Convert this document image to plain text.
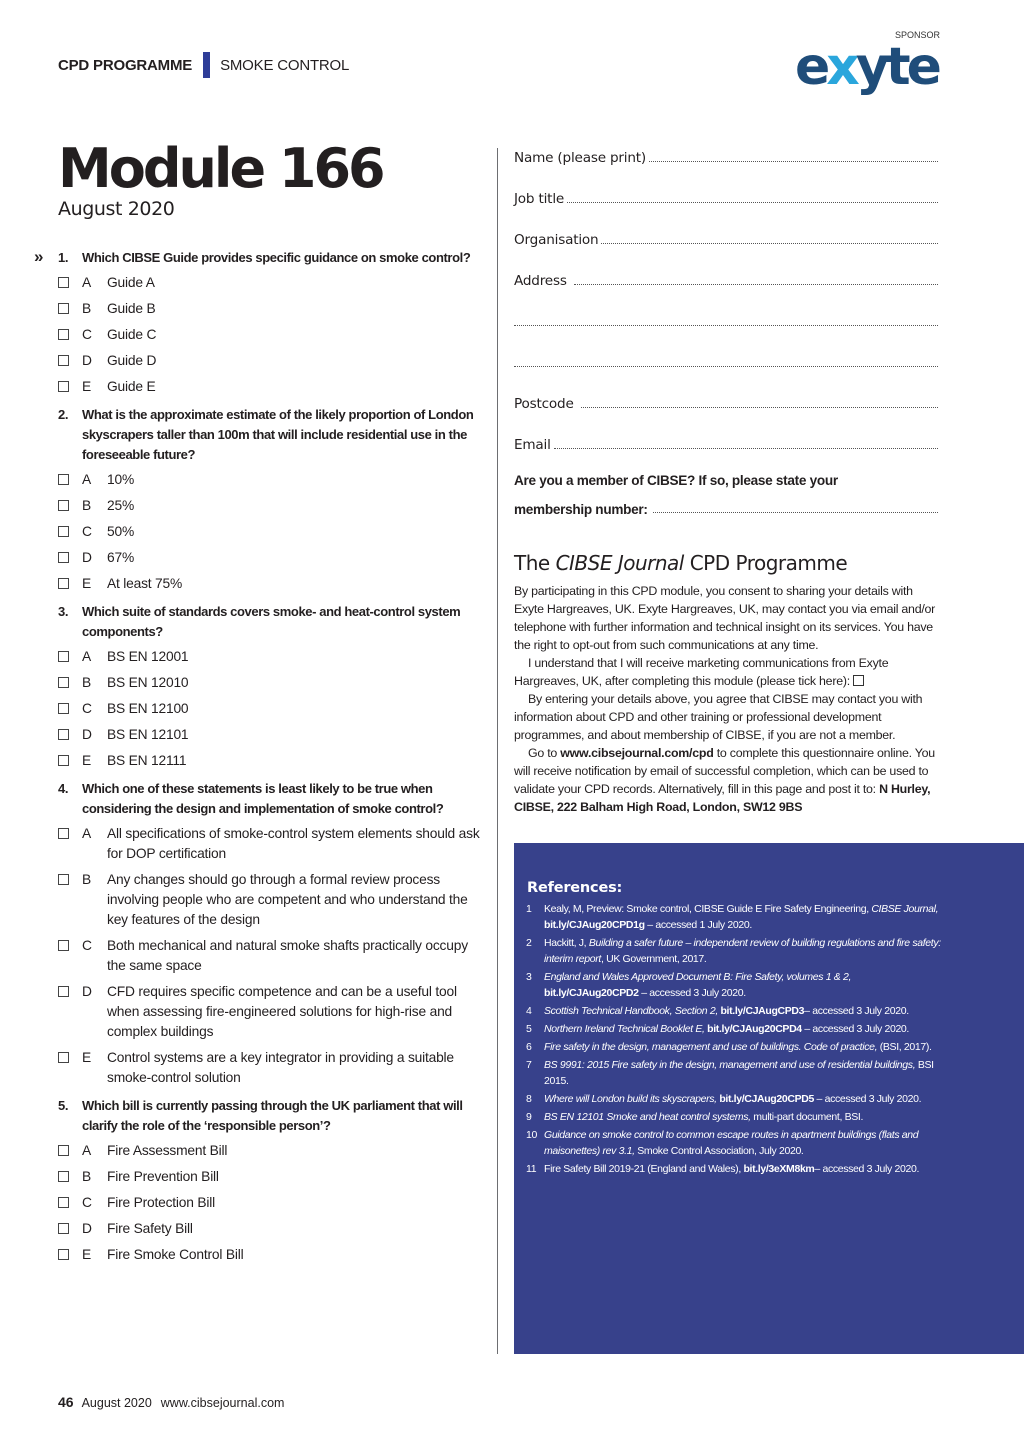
CPD PROGRAMME SMOKE CONTROL
SPONSOR
exyte
Module 166
August 2020
» 1. Which CIBSE Guide provides specific guidance on smoke control?
A Guide A
B Guide B
C Guide C
D Guide D
E Guide E
2. What is the approximate estimate of the likely proportion of London skyscrapers taller than 100m that will include residential use in the foreseeable future?
A 10%
B 25%
C 50%
D 67%
E At least 75%
3. Which suite of standards covers smoke- and heat-control system components?
A BS EN 12001
B BS EN 12010
C BS EN 12100
D BS EN 12101
E BS EN 12111
4. Which one of these statements is least likely to be true when considering the design and implementation of smoke control?
A All specifications of smoke-control system elements should ask for DOP certification
B Any changes should go through a formal review process involving people who are competent and who understand the key features of the design
C Both mechanical and natural smoke shafts practically occupy the same space
D CFD requires specific competence and can be a useful tool when assessing fire-engineered solutions for high-rise and complex buildings
E Control systems are a key integrator in providing a suitable smoke-control solution
5. Which bill is currently passing through the UK parliament that will clarify the role of the ‘responsible person’?
A Fire Assessment Bill
B Fire Prevention Bill
C Fire Protection Bill
D Fire Safety Bill
E Fire Smoke Control Bill
Name (please print)
Job title
Organisation
Address
Postcode
Email
Are you a member of CIBSE? If so, please state your
membership number:
The CIBSE Journal CPD Programme

By participating in this CPD module, you consent to sharing your details with Exyte Hargreaves, UK. Exyte Hargreaves, UK, may contact you via email and/or telephone with further information and technical insight on its services. You have the right to opt-out from such communications at any time.

I understand that I will receive marketing communications from Exyte Hargreaves, UK, after completing this module (please tick here):

By entering your details above, you agree that CIBSE may contact you with information about CPD and other training or professional development programmes, and about membership of CIBSE, if you are not a member.

Go to www.cibsejournal.com/cpd to complete this questionnaire online. You will receive notification by email of successful completion, which can be used to validate your CPD records. Alternatively, fill in this page and post it to: N Hurley, CIBSE, 222 Balham High Road, London, SW12 9BS

References:
1 Kealy, M, Preview: Smoke control, CIBSE Guide E Fire Safety Engineering, CIBSE Journal, bit.ly/CJAug20CPD1g – accessed 1 July 2020.
2 Hackitt, J, Building a safer future – independent review of building regulations and fire safety: interim report, UK Government, 2017.
3 England and Wales Approved Document B: Fire Safety, volumes 1 & 2, bit.ly/CJAug20CPD2 – accessed 3 July 2020.
4 Scottish Technical Handbook, Section 2, bit.ly/CJAugCPD3– accessed 3 July 2020.
5 Northern Ireland Technical Booklet E, bit.ly/CJAug20CPD4 – accessed 3 July 2020.
6 Fire safety in the design, management and use of buildings. Code of practice, (BSI, 2017).
7 BS 9991: 2015 Fire safety in the design, management and use of residential buildings, BSI 2015.
8 Where will London build its skyscrapers, bit.ly/CJAug20CPD5 – accessed 3 July 2020.
9 BS EN 12101 Smoke and heat control systems, multi-part document, BSI.
10 Guidance on smoke control to common escape routes in apartment buildings (flats and maisonettes) rev 3.1, Smoke Control Association, July 2020.
11 Fire Safety Bill 2019-21 (England and Wales), bit.ly/3eXM8km– accessed 3 July 2020.
46 August 2020 www.cibsejournal.com
